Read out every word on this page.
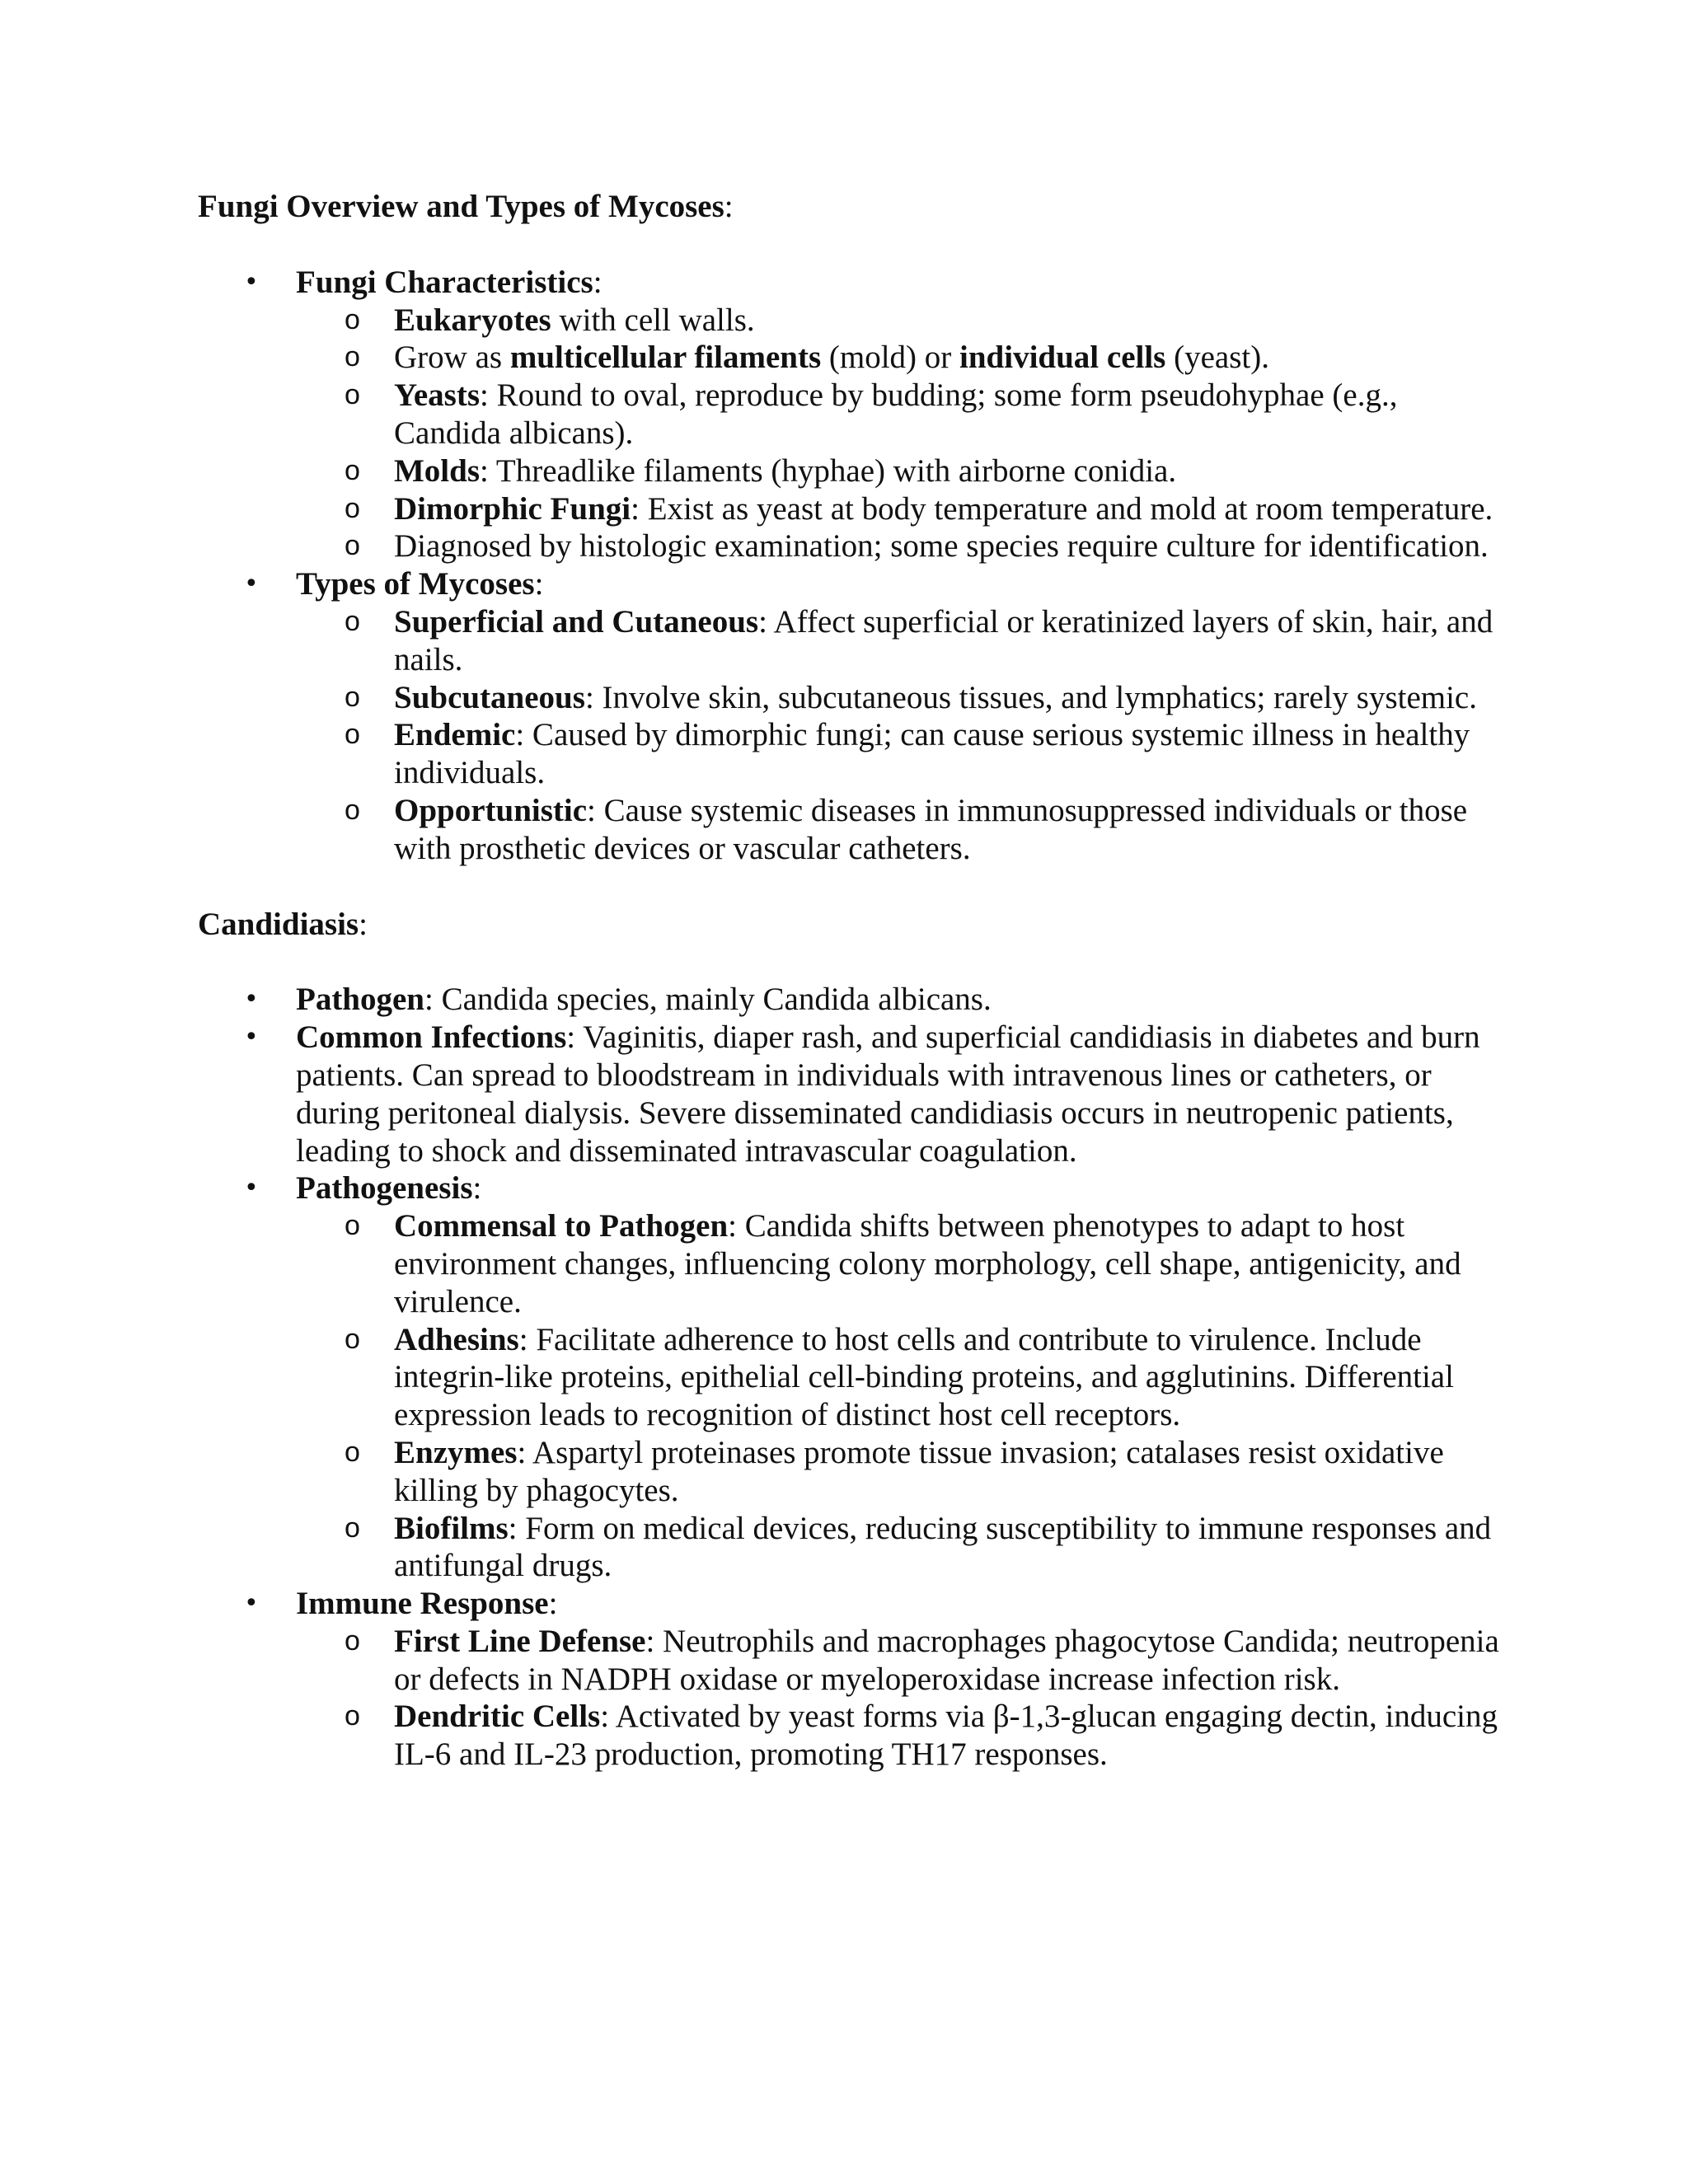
Fungi Overview and Types of Mycoses:

• Fungi Characteristics:
o Eukaryotes with cell walls.
o Grow as multicellular filaments (mold) or individual cells (yeast).
o Yeasts: Round to oval, reproduce by budding; some form pseudohyphae (e.g., Candida albicans).
o Molds: Threadlike filaments (hyphae) with airborne conidia.
o Dimorphic Fungi: Exist as yeast at body temperature and mold at room temperature.
o Diagnosed by histologic examination; some species require culture for identification.
• Types of Mycoses:
o Superficial and Cutaneous: Affect superficial or keratinized layers of skin, hair, and nails.
o Subcutaneous: Involve skin, subcutaneous tissues, and lymphatics; rarely systemic.
o Endemic: Caused by dimorphic fungi; can cause serious systemic illness in healthy individuals.
o Opportunistic: Cause systemic diseases in immunosuppressed individuals or those with prosthetic devices or vascular catheters.

Candidiasis:

• Pathogen: Candida species, mainly Candida albicans.
• Common Infections: Vaginitis, diaper rash, and superficial candidiasis in diabetes and burn patients. Can spread to bloodstream in individuals with intravenous lines or catheters, or during peritoneal dialysis. Severe disseminated candidiasis occurs in neutropenic patients, leading to shock and disseminated intravascular coagulation.
• Pathogenesis:
o Commensal to Pathogen: Candida shifts between phenotypes to adapt to host environment changes, influencing colony morphology, cell shape, antigenicity, and virulence.
o Adhesins: Facilitate adherence to host cells and contribute to virulence. Include integrin-like proteins, epithelial cell-binding proteins, and agglutinins. Differential expression leads to recognition of distinct host cell receptors.
o Enzymes: Aspartyl proteinases promote tissue invasion; catalases resist oxidative killing by phagocytes.
o Biofilms: Form on medical devices, reducing susceptibility to immune responses and antifungal drugs.
• Immune Response:
o First Line Defense: Neutrophils and macrophages phagocytose Candida; neutropenia or defects in NADPH oxidase or myeloperoxidase increase infection risk.
o Dendritic Cells: Activated by yeast forms via β-1,3-glucan engaging dectin, inducing IL-6 and IL-23 production, promoting TH17 responses.
